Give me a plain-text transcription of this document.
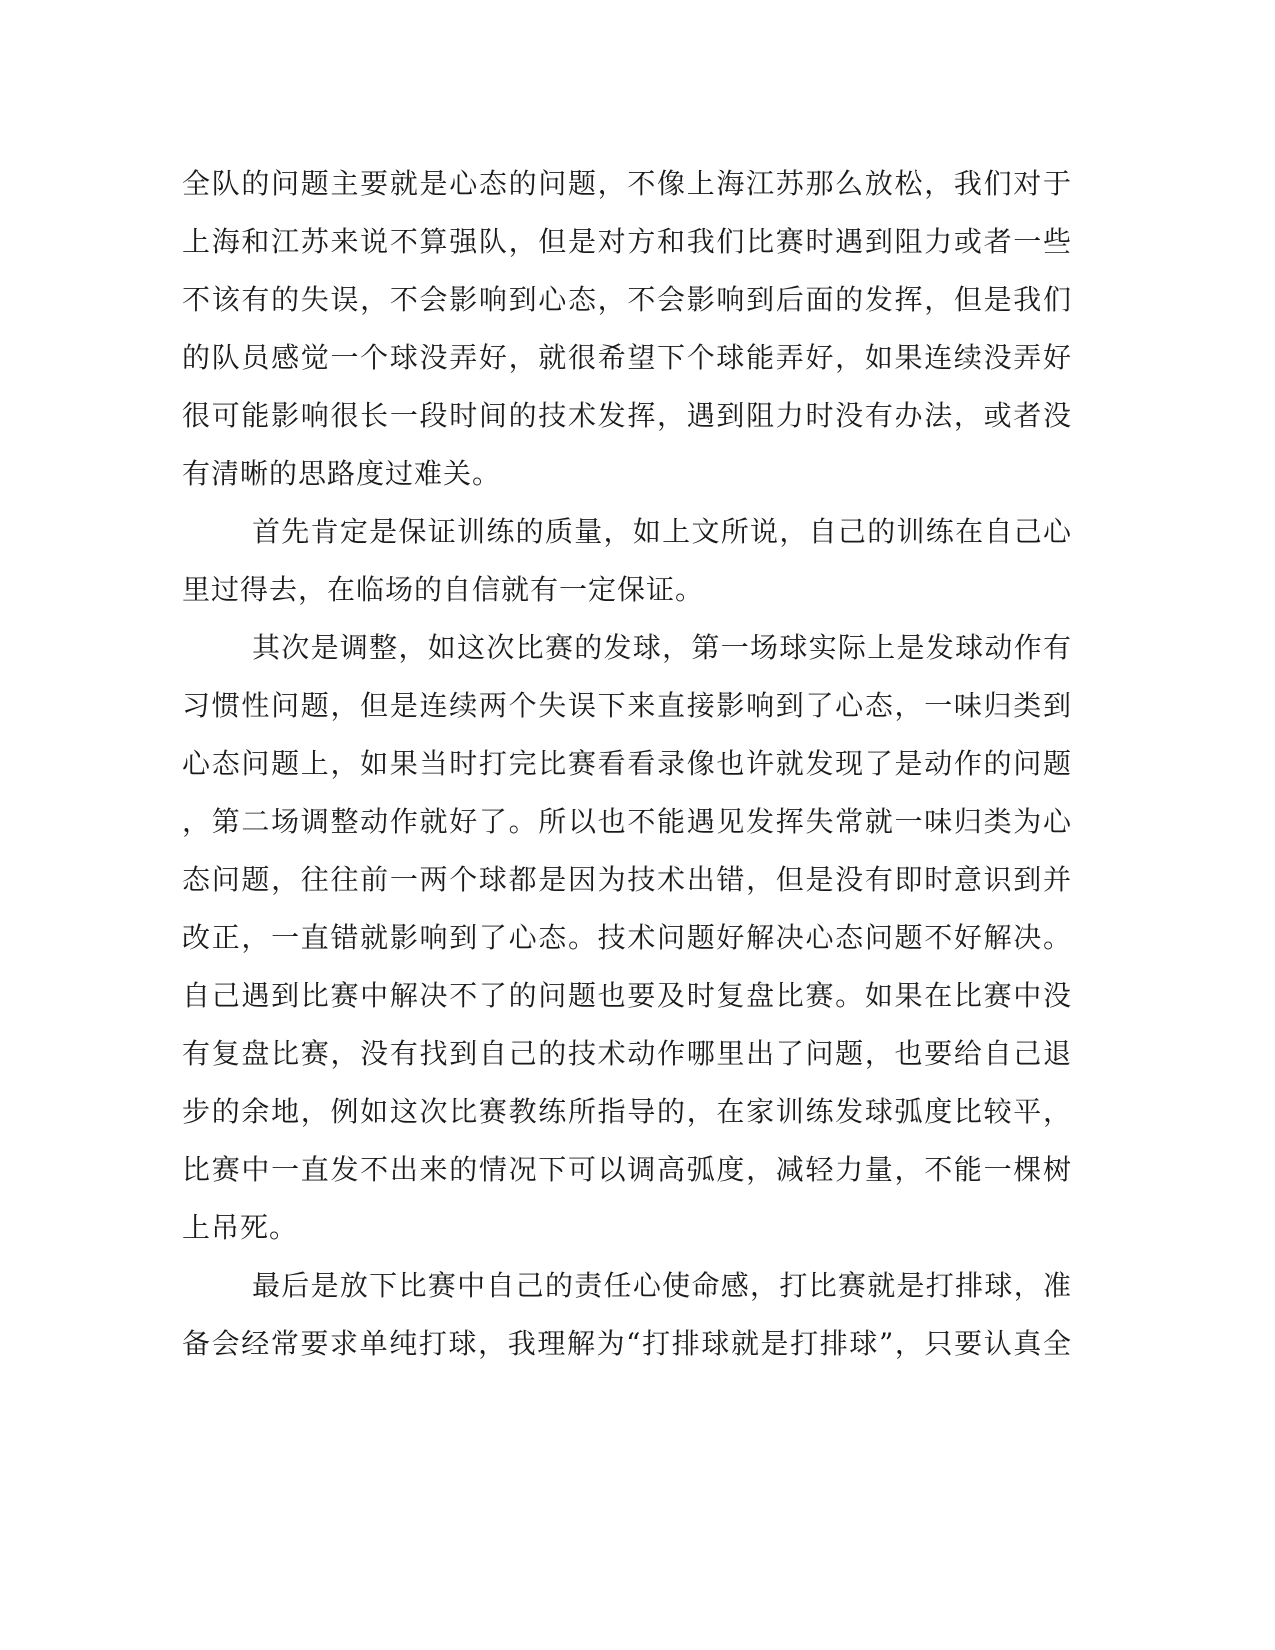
全队的问题主要就是心态的问题，不像上海江苏那么放松，我们对于
上海和江苏来说不算强队，但是对方和我们比赛时遇到阻力或者一些
不该有的失误，不会影响到心态，不会影响到后面的发挥，但是我们
的队员感觉一个球没弄好，就很希望下个球能弄好，如果连续没弄好
很可能影响很长一段时间的技术发挥，遇到阻力时没有办法，或者没
有清晰的思路度过难关。
首先肯定是保证训练的质量，如上文所说，自己的训练在自己心
里过得去，在临场的自信就有一定保证。
其次是调整，如这次比赛的发球，第一场球实际上是发球动作有
习惯性问题，但是连续两个失误下来直接影响到了心态，一味归类到
心态问题上，如果当时打完比赛看看录像也许就发现了是动作的问题
，第二场调整动作就好了。所以也不能遇见发挥失常就一味归类为心
态问题，往往前一两个球都是因为技术出错，但是没有即时意识到并
改正，一直错就影响到了心态。技术问题好解决心态问题不好解决。
自己遇到比赛中解决不了的问题也要及时复盘比赛。如果在比赛中没
有复盘比赛，没有找到自己的技术动作哪里出了问题，也要给自己退
步的余地，例如这次比赛教练所指导的，在家训练发球弧度比较平，
比赛中一直发不出来的情况下可以调高弧度，减轻力量，不能一棵树
上吊死。
最后是放下比赛中自己的责任心使命感，打比赛就是打排球，准
备会经常要求单纯打球，我理解为“打排球就是打排球”，只要认真全
